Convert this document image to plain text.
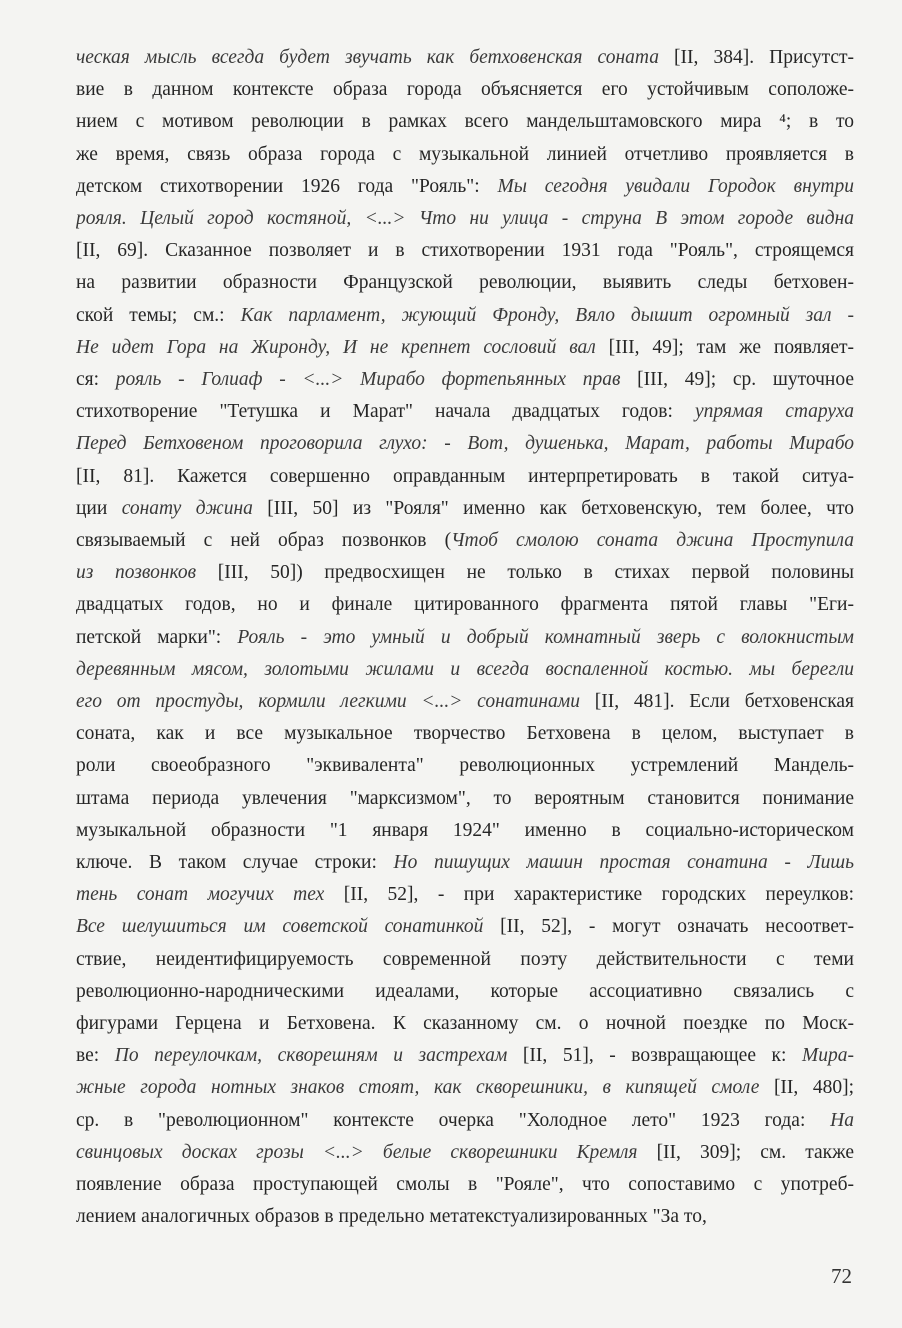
ческая мысль всегда будет звучать как бетховенская соната [II, 384]. Присутст-
вие в данном контексте образа города объясняется его устойчивым соположе-
нием с мотивом революции в рамках всего мандельштамовского мира ⁴; в то
же время, связь образа города с музыкальной линией отчетливо проявляется в
детском стихотворении 1926 года "Рояль": Мы сегодня увидали Городок внутри
рояля. Целый город костяной, <...> Что ни улица - струна В этом городе видна
[II, 69]. Сказанное позволяет и в стихотворении 1931 года "Рояль", строящемся
на развитии образности Французской революции, выявить следы бетховен-
ской темы; см.: Как парламент, жующий Фронду, Вяло дышит огромный зал -
Не идет Гора на Жиронду, И не крепнет сословий вал [III, 49]; там же появляет-
ся: рояль - Голиаф - <...> Мирабо фортепьянных прав [III, 49]; ср. шуточное
стихотворение "Тетушка и Марат" начала двадцатых годов: упрямая старуха
Перед Бетховеном проговорила глухо: - Вот, душенька, Марат, работы Мирабо
[II, 81]. Кажется совершенно оправданным интерпретировать в такой ситуа-
ции сонату джина [III, 50] из "Рояля" именно как бетховенскую, тем более, что
связываемый с ней образ позвонков (Чтоб смолою соната джина Проступила
из позвонков [III, 50]) предвосхищен не только в стихах первой половины
двадцатых годов, но и финале цитированного фрагмента пятой главы "Еги-
петской марки": Рояль - это умный и добрый комнатный зверь с волокнистым
деревянным мясом, золотыми жилами и всегда воспаленной костью. мы берегли
его от простуды, кормили легкими <...> сонатинами [II, 481]. Если бетховенская
соната, как и все музыкальное творчество Бетховена в целом, выступает в
роли своеобразного "эквивалента" революционных устремлений Мандель-
штама периода увлечения "марксизмом", то вероятным становится понимание
музыкальной образности "1 января 1924" именно в социально-историческом
ключе. В таком случае строки: Но пишущих машин простая сонатина - Лишь
тень сонат могучих тех [II, 52], - при характеристике городских переулков:
Все шелушиться им советской сонатинкой [II, 52], - могут означать несоответ-
ствие, неидентифицируемость современной поэту действительности с теми
революционно-народническими идеалами, которые ассоциативно связались с
фигурами Герцена и Бетховена. К сказанному см. о ночной поездке по Моск-
ве: По переулочкам, скворешням и застрехам [II, 51], - возвращающее к: Мира-
жные города нотных знаков стоят, как скворешники, в кипящей смоле [II, 480];
ср. в "революционном" контексте очерка "Холодное лето" 1923 года: На
свинцовых досках грозы <...> белые скворешники Кремля [II, 309]; см. также
появление образа проступающей смолы в "Рояле", что сопоставимо с употреб-
лением аналогичных образов в предельно метатекстуализированных "За то,
72
